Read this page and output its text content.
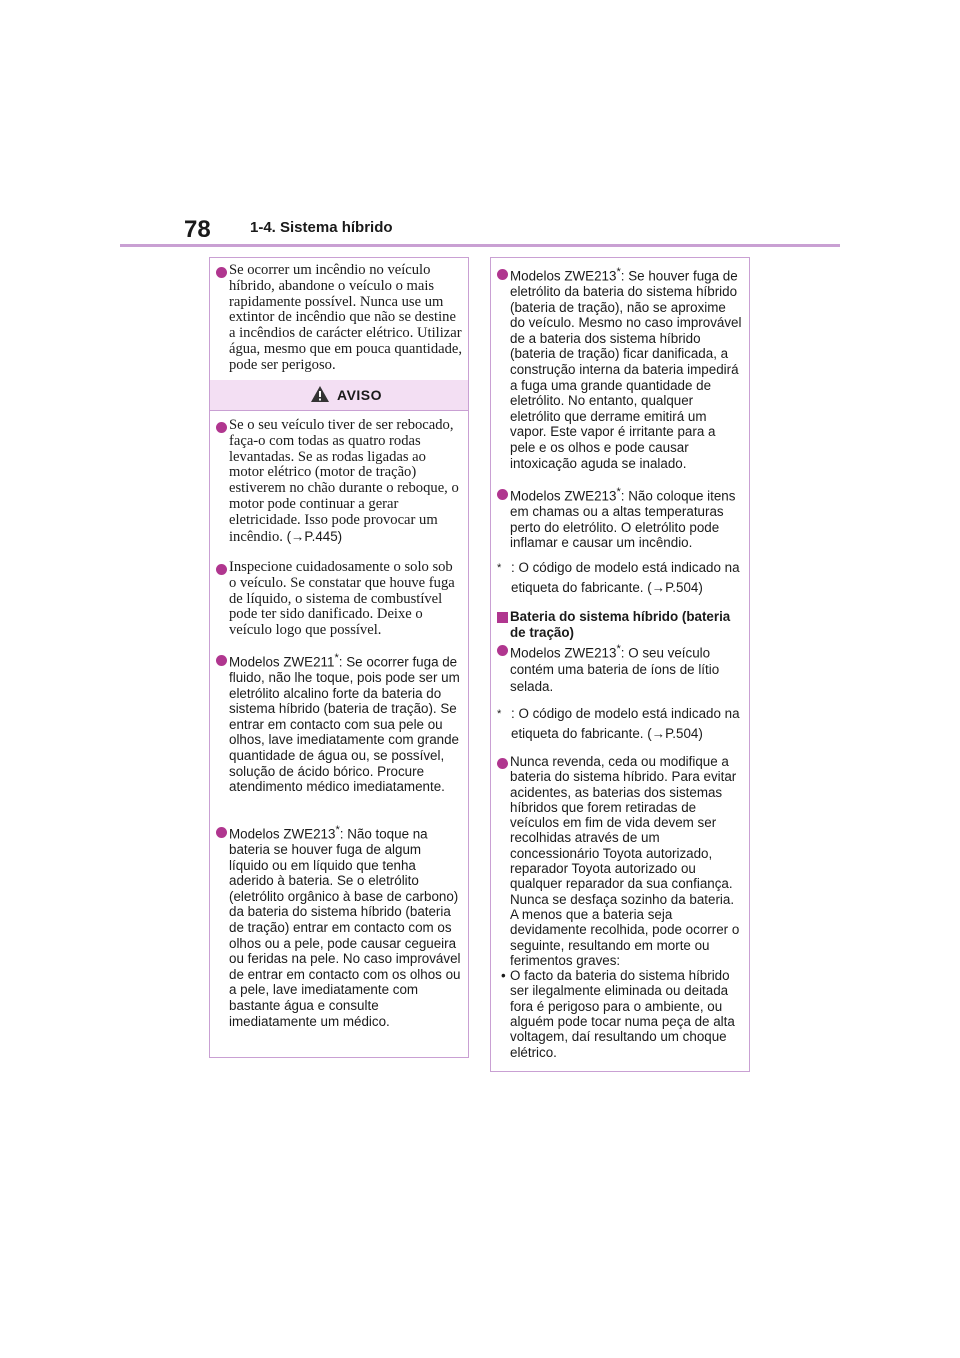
78	1-4. Sistema híbrido
Se ocorrer um incêndio no veículo híbrido, abandone o veículo o mais rapidamente possível. Nunca use um extintor de incêndio que não se destine a incêndios de carácter elétrico. Utilizar água, mesmo que em pouca quantidade, pode ser perigoso.
AVISO
Se o seu veículo tiver de ser rebocado, faça-o com todas as quatro rodas levantadas. Se as rodas ligadas ao motor elétrico (motor de tração) estiverem no chão durante o reboque, o motor pode continuar a gerar eletricidade. Isso pode provocar um incêndio. (→P.445)
Inspecione cuidadosamente o solo sob o veículo. Se constatar que houve fuga de líquido, o sistema de combustível pode ter sido danificado. Deixe o veículo logo que possível.
Modelos ZWE211*: Se ocorrer fuga de fluido, não lhe toque, pois pode ser um eletrólito alcalino forte da bateria do sistema híbrido (bateria de tração). Se entrar em contacto com sua pele ou olhos, lave imediatamente com grande quantidade de água ou, se possível, solução de ácido bórico. Procure atendimento médico imediatamente.
Modelos ZWE213*: Não toque na bateria se houver fuga de algum líquido ou em líquido que tenha aderido à bateria. Se o eletrólito (eletrólito orgânico à base de carbono) da bateria do sistema híbrido (bateria de tração) entrar em contacto com os olhos ou a pele, pode causar cegueira ou feridas na pele. No caso improvável de entrar em contacto com os olhos ou a pele, lave imediatamente com bastante água e consulte imediatamente um médico.
Modelos ZWE213*: Se houver fuga de eletrólito da bateria do sistema híbrido (bateria de tração), não se aproxime do veículo. Mesmo no caso improvável de a bateria dos sistema híbrido (bateria de tração) ficar danificada, a construção interna da bateria impedirá a fuga uma grande quantidade de eletrólito. No entanto, qualquer eletrólito que derrame emitirá um vapor. Este vapor é irritante para a pele e os olhos e pode causar intoxicação aguda se inalado.
Modelos ZWE213*: Não coloque itens em chamas ou a altas temperaturas perto do eletrólito. O eletrólito pode inflamar e causar um incêndio.
* : O código de modelo está indicado na etiqueta do fabricante. (→P.504)
Bateria do sistema híbrido (bateria de tração)
Modelos ZWE213*: O seu veículo contém uma bateria de íons de lítio selada.
* : O código de modelo está indicado na etiqueta do fabricante. (→P.504)
Nunca revenda, ceda ou modifique a bateria do sistema híbrido. Para evitar acidentes, as baterias dos sistemas híbridos que forem retiradas de veículos em fim de vida devem ser recolhidas através de um concessionário Toyota autorizado, reparador Toyota autorizado ou qualquer reparador da sua confiança. Nunca se desfaça sozinho da bateria.
A menos que a bateria seja devidamente recolhida, pode ocorrer o seguinte, resultando em morte ou ferimentos graves:
• O facto da bateria do sistema híbrido ser ilegalmente eliminada ou deitada fora é perigoso para o ambiente, ou alguém pode tocar numa peça de alta voltagem, daí resultando um choque elétrico.
